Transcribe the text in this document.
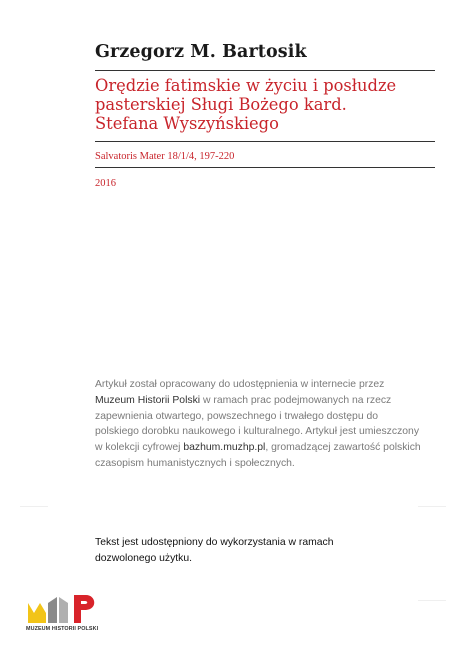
Grzegorz M. Bartosik
Orędzie fatimskie w życiu i posłudze
pasterskiej Sługi Bożego kard.
Stefana Wyszyńskiego
Salvatoris Mater 18/1/4, 197-220
2016
Artykuł został opracowany do udostępnienia w internecie przez
Muzeum Historii Polski w ramach prac podejmowanych na rzecz
zapewnienia otwartego, powszechnego i trwałego dostępu do
polskiego dorobku naukowego i kulturalnego. Artykuł jest umieszczony
w kolekcji cyfrowej bazhum.muzhp.pl, gromadzącej zawartość polskich
czasopism humanistycznych i społecznych.
Tekst jest udostępniony do wykorzystania w ramach
dozwolonego użytku.
MUZEUM HISTORII POLSKI
